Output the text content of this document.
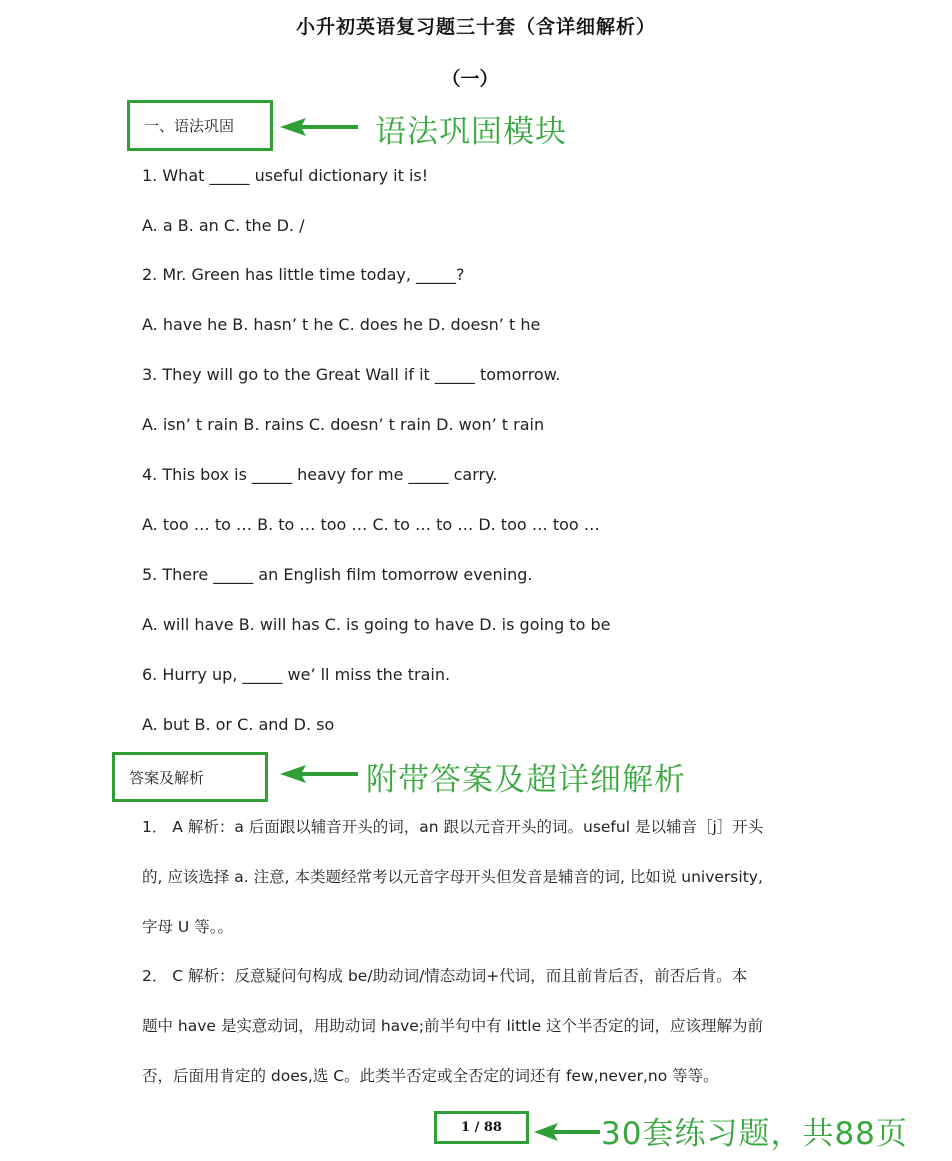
小升初英语复习题三十套（含详细解析）
（一）
一、语法巩固	语法巩固模块
1. What _____ useful dictionary it is!
A. a B. an C. the D. /
2. Mr. Green has little time today, _____?
A. have he B. hasn’ t he C. does he D. doesn’ t he
3. They will go to the Great Wall if it _____ tomorrow.
A. isn’ t rain B. rains C. doesn’ t rain D. won’ t rain
4. This box is _____ heavy for me _____ carry.
A. too … to … B. to … too … C. to … to … D. too … too …
5. There _____ an English film tomorrow evening.
A. will have B. will has C. is going to have D. is going to be
6. Hurry up, _____ we’ ll miss the train.
A. but B. or C. and D. so
答案及解析	附带答案及超详细解析
1． A 解析：a 后面跟以辅音开头的词，an 跟以元音开头的词。useful 是以辅音［j］开头
的, 应该选择 a. 注意, 本类题经常考以元音字母开头但发音是辅音的词, 比如说 university,
字母 U 等。。
2． C 解析：反意疑问句构成 be/助动词/情态动词+代词，而且前肯后否，前否后肯。本
题中 have 是实意动词，用助动词 have;前半句中有 little 这个半否定的词，应该理解为前
否，后面用肯定的 does,选 C。此类半否定或全否定的词还有 few,never,no 等等。
1 / 88	30套练习题，共88页
